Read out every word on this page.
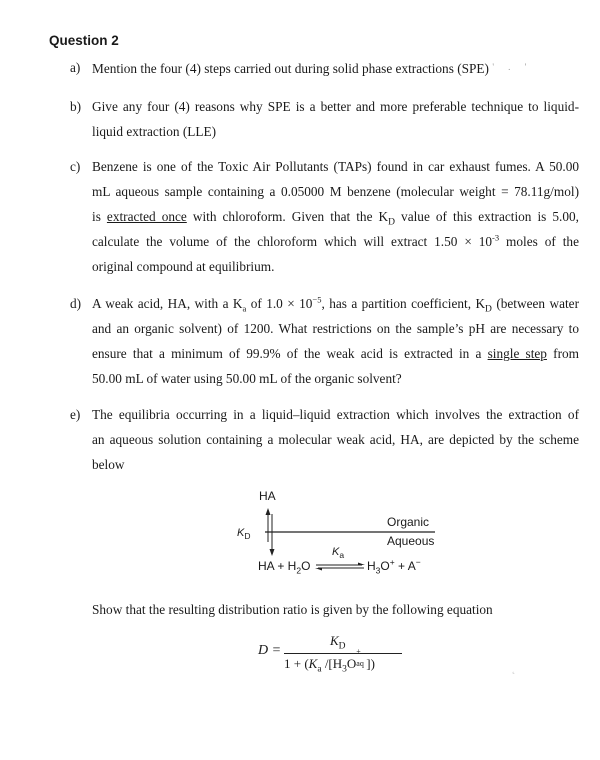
Question 2
a) Mention the four (4) steps carried out during solid phase extractions (SPE) ' . '
b) Give any four (4) reasons why SPE is a better and more preferable technique to liquid-
liquid extraction (LLE)
c) Benzene is one of the Toxic Air Pollutants (TAPs) found in car exhaust fumes. A 50.00
mL aqueous sample containing a 0.05000 M benzene (molecular weight = 78.11g/mol)
is extracted once with chloroform. Given that the $K_D$ value of this extraction is 5.00,
calculate the volume of the chloroform which will extract $1.50 \times 10^{-3}$ moles of the
original compound at equilibrium.
d) A weak acid, HA, with a $K_a$ of $1.0 \times 10^{-5}$, has a partition coefficient, $K_D$ (between water
and an organic solvent) of 1200. What restrictions on the sample’s pH are necessary to
ensure that a minimum of 99.9% of the weak acid is extracted in a single step from
50.00 mL of water using 50.00 mL of the organic solvent?
e) The equilibria occurring in a liquid–liquid extraction which involves the extraction of
an aqueous solution containing a molecular weak acid, HA, are depicted by the scheme
below
HA
$K_D$
Organic
Aqueous
$K_a$
HA + $H_2O$	$H_3O^+ + A^-$
Show that the resulting distribution ratio is given by the following equation
D =
$K_D$
$1 + (K_a$ $/[H_3O$
+
aq ])	˛
